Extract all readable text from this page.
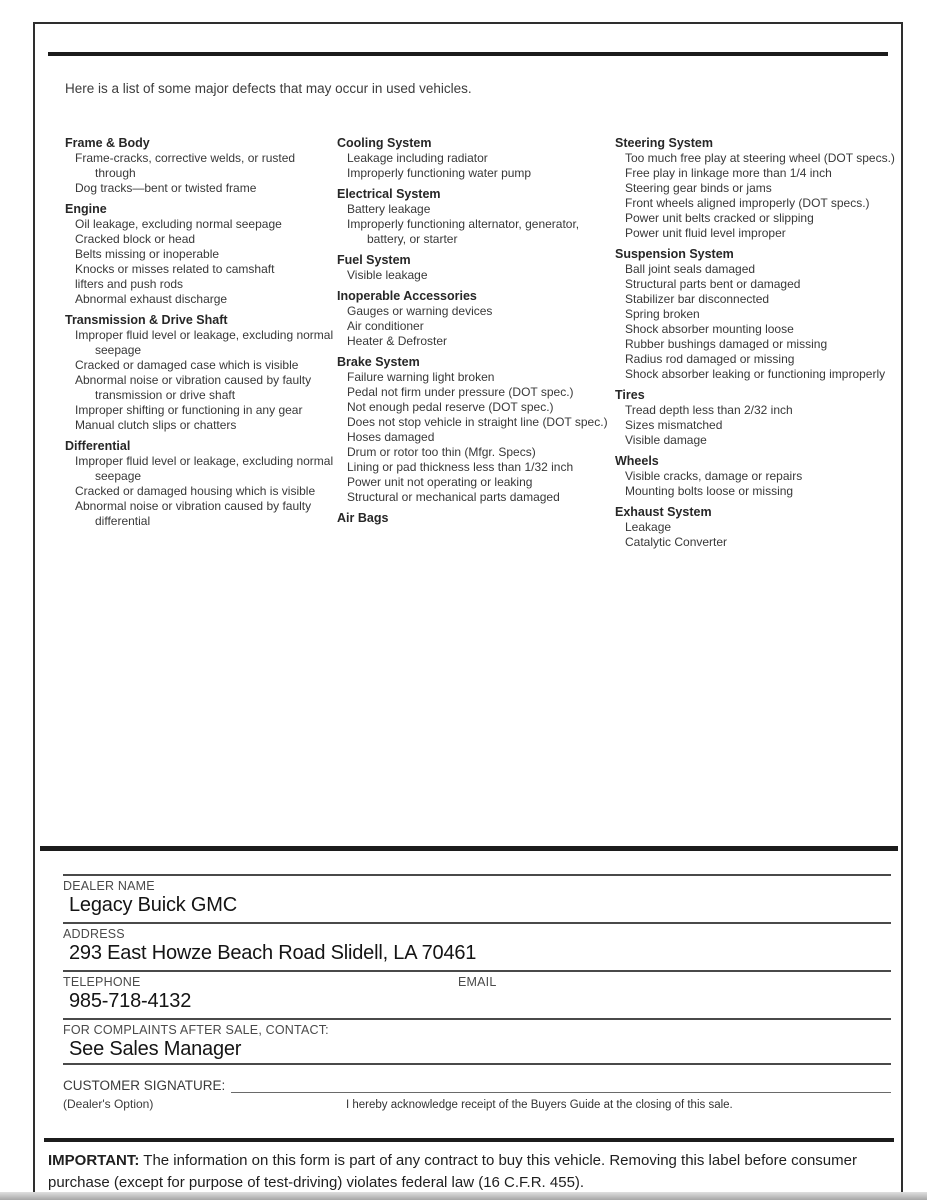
Here is a list of some major defects that may occur in used vehicles.
Frame & Body
Frame-cracks, corrective welds, or rusted through
Dog tracks—bent or twisted frame
Engine
Oil leakage, excluding normal seepage
Cracked block or head
Belts missing or inoperable
Knocks or misses related to camshaft
lifters and push rods
Abnormal exhaust discharge
Transmission & Drive Shaft
Improper fluid level or leakage, excluding normal seepage
Cracked or damaged case which is visible
Abnormal noise or vibration caused by faulty transmission or drive shaft
Improper shifting or functioning in any gear
Manual clutch slips or chatters
Differential
Improper fluid level or leakage, excluding normal seepage
Cracked or damaged housing which is visible
Abnormal noise or vibration caused by faulty differential
Cooling System
Leakage including radiator
Improperly functioning water pump
Electrical System
Battery leakage
Improperly functioning alternator, generator, battery, or starter
Fuel System
Visible leakage
Inoperable Accessories
Gauges or warning devices
Air conditioner
Heater & Defroster
Brake System
Failure warning light broken
Pedal not firm under pressure (DOT spec.)
Not enough pedal reserve (DOT spec.)
Does not stop vehicle in straight line (DOT spec.)
Hoses damaged
Drum or rotor too thin (Mfgr. Specs)
Lining or pad thickness less than 1/32 inch
Power unit not operating or leaking
Structural or mechanical parts damaged
Air Bags
Steering System
Too much free play at steering wheel (DOT specs.)
Free play in linkage more than 1/4 inch
Steering gear binds or jams
Front wheels aligned improperly (DOT specs.)
Power unit belts cracked or slipping
Power unit fluid level improper
Suspension System
Ball joint seals damaged
Structural parts bent or damaged
Stabilizer bar disconnected
Spring broken
Shock absorber mounting loose
Rubber bushings damaged or missing
Radius rod damaged or missing
Shock absorber leaking or functioning improperly
Tires
Tread depth less than 2/32 inch
Sizes mismatched
Visible damage
Wheels
Visible cracks, damage or repairs
Mounting bolts loose or missing
Exhaust System
Leakage
Catalytic Converter
DEALER NAME
Legacy Buick GMC
ADDRESS
293 East Howze Beach Road Slidell, LA 70461
TELEPHONE	EMAIL
985-718-4132
FOR COMPLAINTS AFTER SALE, CONTACT:
See Sales Manager
CUSTOMER SIGNATURE:
(Dealer's Option)	I hereby acknowledge receipt of the Buyers Guide at the closing of this sale.
IMPORTANT: The information on this form is part of any contract to buy this vehicle. Removing this label before consumer purchase (except for purpose of test-driving) violates federal law (16 C.F.R. 455).
